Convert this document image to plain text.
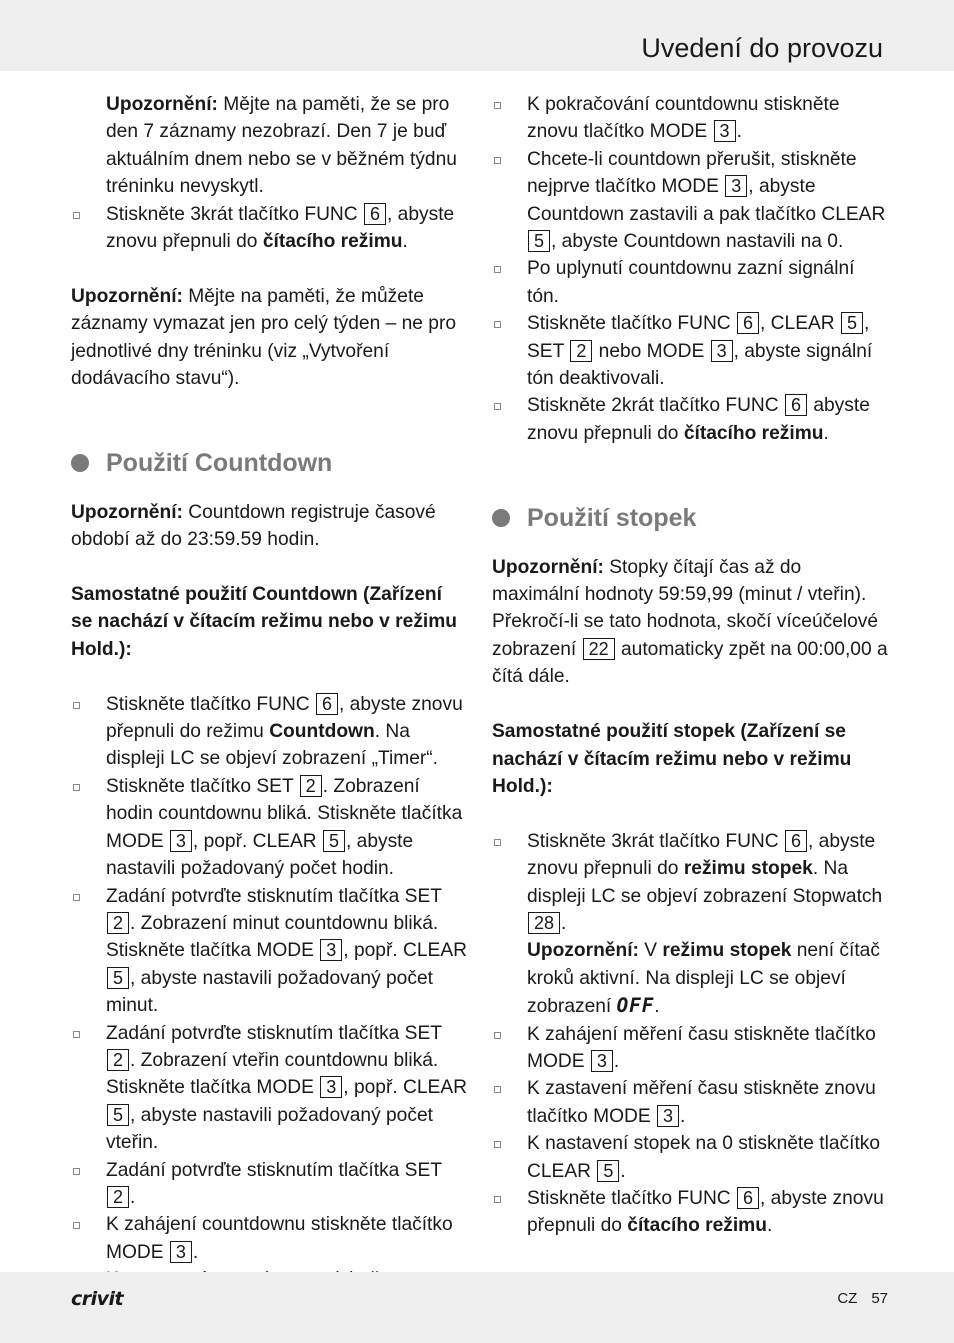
Uvedení do provozu

Upozornění: Mějte na paměti, že se pro den 7 záznamy nezobrazí. Den 7 je buď aktuálním dnem nebo se v běžném týdnu tréninku nevyskytl.

Stiskněte 3krát tlačítko FUNC 6 , abyste znovu přepnuli do čítacího režimu.

Upozornění: Mějte na paměti, že můžete záznamy vymazat jen pro celý týden – ne pro jednotlivé dny tréninku (viz „Vytvoření dodávacího stavu“).

Použití Countdown

Upozornění: Countdown registruje časové období až do 23:59.59 hodin.

Samostatné použití Countdown (Zařízení se nachází v čítacím režimu nebo v režimu Hold.):

Stiskněte tlačítko FUNC 6 , abyste znovu přepnuli do režimu Countdown. Na displeji LC se objeví zobrazení „Timer“.
Stiskněte tlačítko SET 2 . Zobrazení hodin countdownu bliká. Stiskněte tlačítka MODE 3 , popř. CLEAR 5 , abyste nastavili požadovaný počet hodin.
Zadání potvrďte stisknutím tlačítka SET 2 . Zobrazení minut countdownu bliká. Stiskněte tlačítka MODE 3 , popř. CLEAR 5 , abyste nastavili požadovaný počet minut.
Zadání potvrďte stisknutím tlačítka SET 2 . Zobrazení vteřin countdownu bliká. Stiskněte tlačítka MODE 3 , popř. CLEAR 5 , abyste nastavili požadovaný počet vteřin.
Zadání potvrďte stisknutím tlačítka SET 2 .
K zahájení countdownu stiskněte tlačítko MODE 3 .
K pokračování countdownu stiskněte znovu tlačítko MODE 3 .
Chcete-li countdown přerušit, stiskněte nejprve tlačítko MODE 3 , abyste Countdown zastavili a pak tlačítko CLEAR 5 , abyste Countdown nastavili na 0.
Po uplynutí countdownu zazní signální tón.
Stiskněte tlačítko FUNC 6 , CLEAR 5 , SET 2 nebo MODE 3 , abyste signální tón deaktivovali.
Stiskněte 2krát tlačítko FUNC 6 abyste znovu přepnuli do čítacího režimu.
Použití stopek

Upozornění: Stopky čítají čas až do maximální hodnoty 59:59,99 (minut / vteřin). Překročí-li se tato hodnota, skočí víceúčelové zobrazení 22 automaticky zpět na 00:00,00 a čítá dále.

Samostatné použití stopek (Zařízení se nachází v čítacím režimu nebo v režimu Hold.):

Stiskněte 3krát tlačítko FUNC 6 , abyste znovu přepnuli do režimu stopek. Na displeji LC se objeví zobrazení Stopwatch 28 .
Upozornění: V režimu stopek není čítač kroků aktivní. Na displeji LC se objeví zobrazení OFF.
K zahájení měření času stiskněte tlačítko MODE 3 .
K zastavení měření času stiskněte znovu tlačítko MODE 3 .
K nastavení stopek na 0 stiskněte tlačítko CLEAR 5 .
Stiskněte tlačítko FUNC 6 , abyste znovu přepnuli do čítacího režimu.
crivit	CZ 57
